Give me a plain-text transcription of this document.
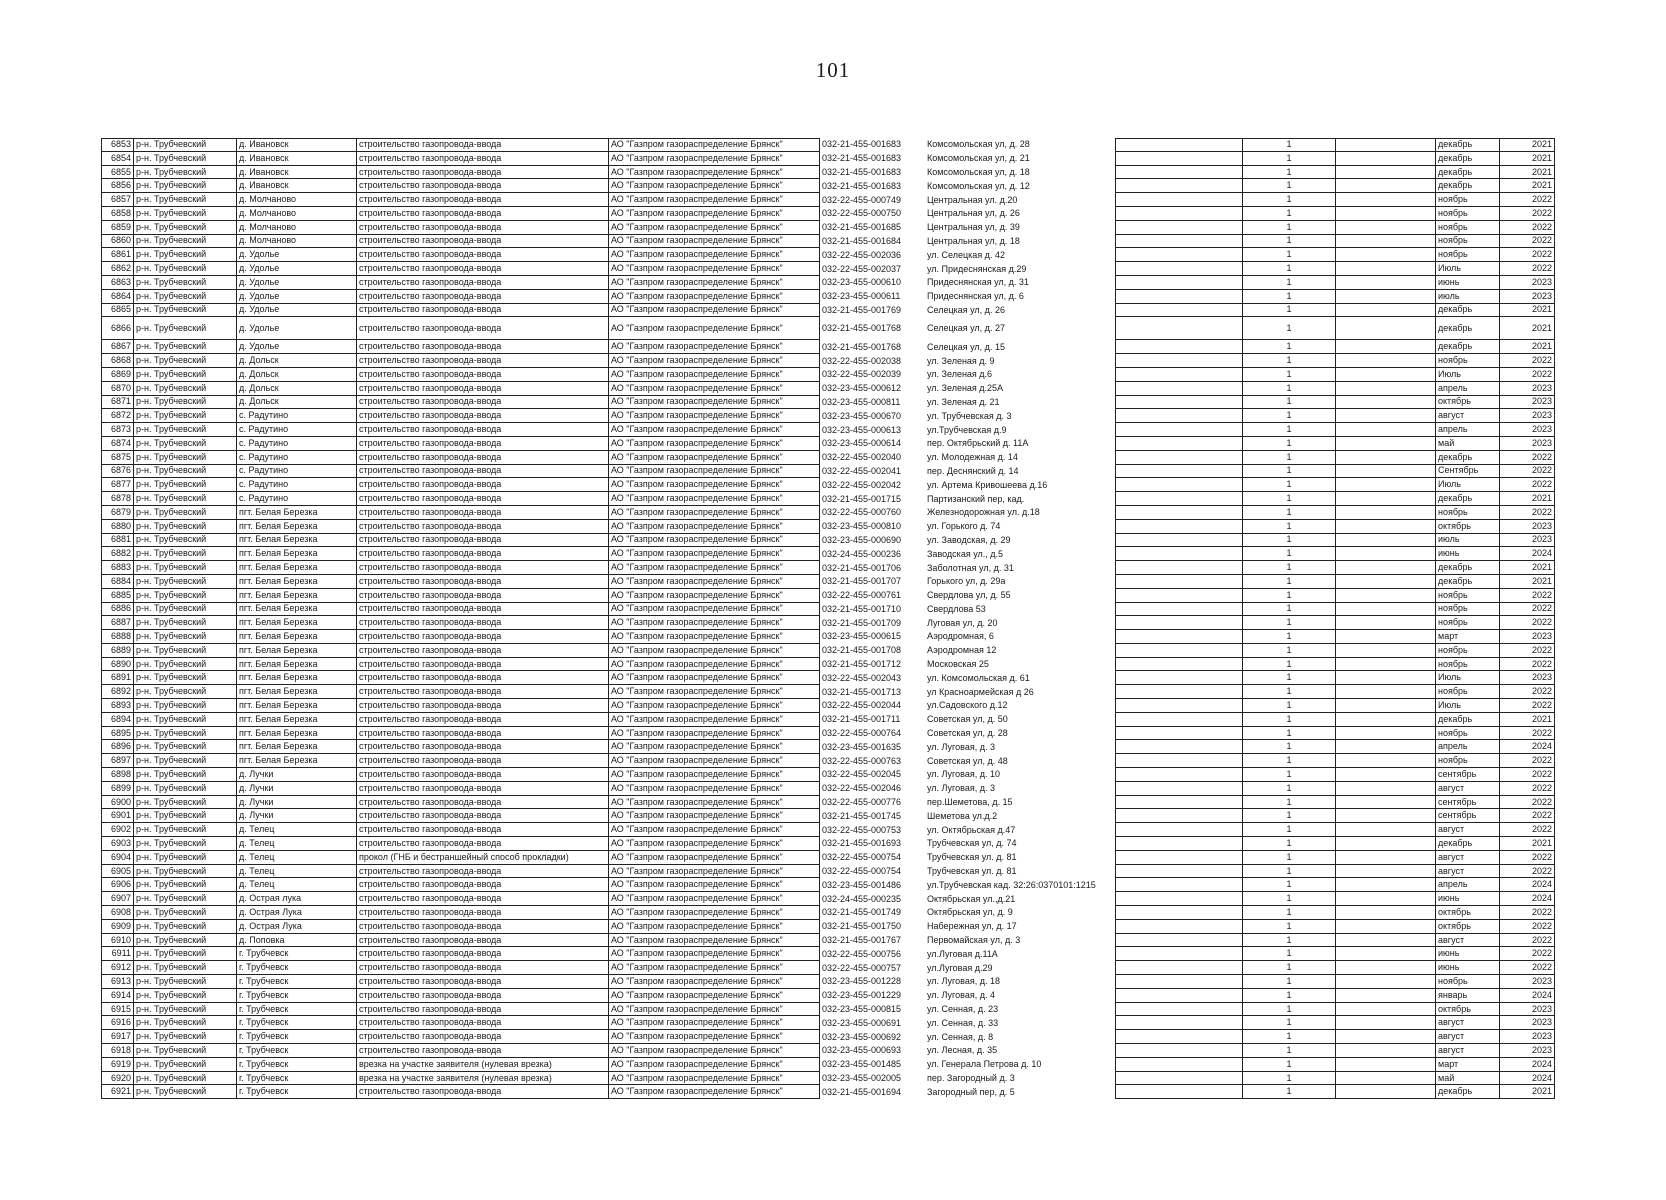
101
6853 р-н. Трубчевский	д. Ивановск	строительство газопровода-ввода	АО "Газпром газораспределение Брянск"	032-21-455-001683	Комсомольская ул, д. 28	1	декабрь	2021
6854 р-н. Трубчевский	д. Ивановск	строительство газопровода-ввода	АО "Газпром газораспределение Брянск"	032-21-455-001683	Комсомольская ул, д. 21	1	декабрь	2021
6855 р-н. Трубчевский	д. Ивановск	строительство газопровода-ввода	АО "Газпром газораспределение Брянск"	032-21-455-001683	Комсомольская ул, д. 18	1	декабрь	2021
6856 р-н. Трубчевский	д. Ивановск	строительство газопровода-ввода	АО "Газпром газораспределение Брянск"	032-21-455-001683	Комсомольская ул, д. 12	1	декабрь	2021
6857 р-н. Трубчевский	д. Молчаново	строительство газопровода-ввода	АО "Газпром газораспределение Брянск"	032-22-455-000749	Центральная ул. д.20	1	ноябрь	2022
6858 р-н. Трубчевский	д. Молчаново	строительство газопровода-ввода	АО "Газпром газораспределение Брянск"	032-22-455-000750	Центральная ул, д. 26	1	ноябрь	2022
6859 р-н. Трубчевский	д. Молчаново	строительство газопровода-ввода	АО "Газпром газораспределение Брянск"	032-21-455-001685	Центральная ул, д. 39	1	ноябрь	2022
6860 р-н. Трубчевский	д. Молчаново	строительство газопровода-ввода	АО "Газпром газораспределение Брянск"	032-21-455-001684	Центральная ул, д. 18	1	ноябрь	2022
6861 р-н. Трубчевский	д. Удолье	строительство газопровода-ввода	АО "Газпром газораспределение Брянск"	032-22-455-002036	ул. Селецкая д. 42	1	ноябрь	2022
6862 р-н. Трубчевский	д. Удолье	строительство газопровода-ввода	АО "Газпром газораспределение Брянск"	032-22-455-002037	ул. Придеснянская д.29	1	Июль	2022
6863 р-н. Трубчевский	д. Удолье	строительство газопровода-ввода	АО "Газпром газораспределение Брянск"	032-23-455-000610	Придеснянская ул, д. 31	1	июнь	2023
6864 р-н. Трубчевский	д. Удолье	строительство газопровода-ввода	АО "Газпром газораспределение Брянск"	032-23-455-000611	Придеснянская ул, д. 6	1	июль	2023
6865 р-н. Трубчевский	д. Удолье	строительство газопровода-ввода	АО "Газпром газораспределение Брянск"	032-21-455-001769	Селецкая ул, д. 26	1	декабрь	2021
6866 р-н. Трубчевский	д. Удолье	строительство газопровода-ввода	АО "Газпром газораспределение Брянск"	032-21-455-001768	Селецкая ул, д. 27	1	декабрь	2021
6867 р-н. Трубчевский	д. Удолье	строительство газопровода-ввода	АО "Газпром газораспределение Брянск"	032-21-455-001768	Селецкая ул, д. 15	1	декабрь	2021
6868 р-н. Трубчевский	д. Дольск	строительство газопровода-ввода	АО "Газпром газораспределение Брянск"	032-22-455-002038	ул. Зеленая д. 9	1	ноябрь	2022
6869 р-н. Трубчевский	д. Дольск	строительство газопровода-ввода	АО "Газпром газораспределение Брянск"	032-22-455-002039	ул. Зеленая д.6	1	Июль	2022
6870 р-н. Трубчевский	д. Дольск	строительство газопровода-ввода	АО "Газпром газораспределение Брянск"	032-23-455-000612	ул. Зеленая д.25А	1	апрель	2023
6871 р-н. Трубчевский	д. Дольск	строительство газопровода-ввода	АО "Газпром газораспределение Брянск"	032-23-455-000811	ул. Зеленая д. 21	1	октябрь	2023
6872 р-н. Трубчевский	с. Радутино	строительство газопровода-ввода	АО "Газпром газораспределение Брянск"	032-23-455-000670	ул. Трубчевская д. 3	1	август	2023
6873 р-н. Трубчевский	с. Радутино	строительство газопровода-ввода	АО "Газпром газораспределение Брянск"	032-23-455-000613	ул.Трубчевская д.9	1	апрель	2023
6874 р-н. Трубчевский	с. Радутино	строительство газопровода-ввода	АО "Газпром газораспределение Брянск"	032-23-455-000614	пер. Октябрьский д. 11А	1	май	2023
6875 р-н. Трубчевский	с. Радутино	строительство газопровода-ввода	АО "Газпром газораспределение Брянск"	032-22-455-002040	ул. Молодежная д. 14	1	декабрь	2022
6876 р-н. Трубчевский	с. Радутино	строительство газопровода-ввода	АО "Газпром газораспределение Брянск"	032-22-455-002041	пер. Деснянский д. 14	1	Сентябрь	2022
6877 р-н. Трубчевский	с. Радутино	строительство газопровода-ввода	АО "Газпром газораспределение Брянск"	032-22-455-002042	ул. Артема Кривошеева д.16	1	Июль	2022
6878 р-н. Трубчевский	с. Радутино	строительство газопровода-ввода	АО "Газпром газораспределение Брянск"	032-21-455-001715	Партизанский пер, кад.	1	декабрь	2021
6879 р-н. Трубчевский	пгт. Белая Березка	строительство газопровода-ввода	АО "Газпром газораспределение Брянск"	032-22-455-000760	Железнодорожная ул. д.18	1	ноябрь	2022
6880 р-н. Трубчевский	пгт. Белая Березка	строительство газопровода-ввода	АО "Газпром газораспределение Брянск"	032-23-455-000810	ул. Горького д. 74	1	октябрь	2023
6881 р-н. Трубчевский	пгт. Белая Березка	строительство газопровода-ввода	АО "Газпром газораспределение Брянск"	032-23-455-000690	ул. Заводская, д. 29	1	июль	2023
6882 р-н. Трубчевский	пгт. Белая Березка	строительство газопровода-ввода	АО "Газпром газораспределение Брянск"	032-24-455-000236	Заводская ул., д.5	1	июнь	2024
6883 р-н. Трубчевский	пгт. Белая Березка	строительство газопровода-ввода	АО "Газпром газораспределение Брянск"	032-21-455-001706	Заболотная ул, д. 31	1	декабрь	2021
6884 р-н. Трубчевский	пгт. Белая Березка	строительство газопровода-ввода	АО "Газпром газораспределение Брянск"	032-21-455-001707	Горького ул, д. 29а	1	декабрь	2021
6885 р-н. Трубчевский	пгт. Белая Березка	строительство газопровода-ввода	АО "Газпром газораспределение Брянск"	032-22-455-000761	Свердлова ул, д. 55	1	ноябрь	2022
6886 р-н. Трубчевский	пгт. Белая Березка	строительство газопровода-ввода	АО "Газпром газораспределение Брянск"	032-21-455-001710	Свердлова 53	1	ноябрь	2022
6887 р-н. Трубчевский	пгт. Белая Березка	строительство газопровода-ввода	АО "Газпром газораспределение Брянск"	032-21-455-001709	Луговая ул, д. 20	1	ноябрь	2022
6888 р-н. Трубчевский	пгт. Белая Березка	строительство газопровода-ввода	АО "Газпром газораспределение Брянск"	032-23-455-000615	Аэродромная, 6	1	март	2023
6889 р-н. Трубчевский	пгт. Белая Березка	строительство газопровода-ввода	АО "Газпром газораспределение Брянск"	032-21-455-001708	Аэродромная 12	1	ноябрь	2022
6890 р-н. Трубчевский	пгт. Белая Березка	строительство газопровода-ввода	АО "Газпром газораспределение Брянск"	032-21-455-001712	Московская 25	1	ноябрь	2022
6891 р-н. Трубчевский	пгт. Белая Березка	строительство газопровода-ввода	АО "Газпром газораспределение Брянск"	032-22-455-002043	ул. Комсомольская д. 61	1	Июль	2023
6892 р-н. Трубчевский	пгт. Белая Березка	строительство газопровода-ввода	АО "Газпром газораспределение Брянск"	032-21-455-001713	ул Красноармейская д 26	1	ноябрь	2022
6893 р-н. Трубчевский	пгт. Белая Березка	строительство газопровода-ввода	АО "Газпром газораспределение Брянск"	032-22-455-002044	ул.Садовского д.12	1	Июль	2022
6894 р-н. Трубчевский	пгт. Белая Березка	строительство газопровода-ввода	АО "Газпром газораспределение Брянск"	032-21-455-001711	Советская ул, д. 50	1	декабрь	2021
6895 р-н. Трубчевский	пгт. Белая Березка	строительство газопровода-ввода	АО "Газпром газораспределение Брянск"	032-22-455-000764	Советская ул, д. 28	1	ноябрь	2022
6896 р-н. Трубчевский	пгт. Белая Березка	строительство газопровода-ввода	АО "Газпром газораспределение Брянск"	032-23-455-001635	ул. Луговая, д. 3	1	апрель	2024
6897 р-н. Трубчевский	пгт. Белая Березка	строительство газопровода-ввода	АО "Газпром газораспределение Брянск"	032-22-455-000763	Советская ул, д. 48	1	ноябрь	2022
6898 р-н. Трубчевский	д. Лучки	строительство газопровода-ввода	АО "Газпром газораспределение Брянск"	032-22-455-002045	ул. Луговая, д. 10	1	сентябрь	2022
6899 р-н. Трубчевский	д. Лучки	строительство газопровода-ввода	АО "Газпром газораспределение Брянск"	032-22-455-002046	ул. Луговая, д. 3	1	август	2022
6900 р-н. Трубчевский	д. Лучки	строительство газопровода-ввода	АО "Газпром газораспределение Брянск"	032-22-455-000776	пер.Шеметова, д. 15	1	сентябрь	2022
6901 р-н. Трубчевский	д. Лучки	строительство газопровода-ввода	АО "Газпром газораспределение Брянск"	032-21-455-001745	Шеметова ул.д.2	1	сентябрь	2022
6902 р-н. Трубчевский	д. Телец	строительство газопровода-ввода	АО "Газпром газораспределение Брянск"	032-22-455-000753	ул. Октябрьская д.47	1	август	2022
6903 р-н. Трубчевский	д. Телец	строительство газопровода-ввода	АО "Газпром газораспределение Брянск"	032-21-455-001693	Трубчевская ул, д. 74	1	декабрь	2021
6904 р-н. Трубчевский	д. Телец	прокол (ГНБ и бестраншейный способ прокладки)	АО "Газпром газораспределение Брянск"	032-22-455-000754	Трубчевская ул. д. 81	1	август	2022
6905 р-н. Трубчевский	д. Телец	строительство газопровода-ввода	АО "Газпром газораспределение Брянск"	032-22-455-000754	Трубчевская ул. д. 81	1	август	2022
6906 р-н. Трубчевский	д. Телец	строительство газопровода-ввода	АО "Газпром газораспределение Брянск"	032-23-455-001486	ул.Трубчевская кад. 32:26:0370101:1215	1	апрель	2024
6907 р-н. Трубчевский	д. Острая лука	строительство газопровода-ввода	АО "Газпром газораспределение Брянск"	032-24-455-000235	Октябрьская ул.,д.21	1	июнь	2024
6908 р-н. Трубчевский	д. Острая Лука	строительство газопровода-ввода	АО "Газпром газораспределение Брянск"	032-21-455-001749	Октябрьская ул, д. 9	1	октябрь	2022
6909 р-н. Трубчевский	д. Острая Лука	строительство газопровода-ввода	АО "Газпром газораспределение Брянск"	032-21-455-001750	Набережная ул, д. 17	1	октябрь	2022
6910 р-н. Трубчевский	д. Поповка	строительство газопровода-ввода	АО "Газпром газораспределение Брянск"	032-21-455-001767	Первомайская ул, д. 3	1	август	2022
6911 р-н. Трубчевский	г. Трубчевск	строительство газопровода-ввода	АО "Газпром газораспределение Брянск"	032-22-455-000756	ул.Луговая д.11А	1	июнь	2022
6912 р-н. Трубчевский	г. Трубчевск	строительство газопровода-ввода	АО "Газпром газораспределение Брянск"	032-22-455-000757	ул.Луговая д.29	1	июнь	2022
6913 р-н. Трубчевский	г. Трубчевск	строительство газопровода-ввода	АО "Газпром газораспределение Брянск"	032-23-455-001228	ул. Луговая, д. 18	1	ноябрь	2023
6914 р-н. Трубчевский	г. Трубчевск	строительство газопровода-ввода	АО "Газпром газораспределение Брянск"	032-23-455-001229	ул. Луговая, д. 4	1	январь	2024
6915 р-н. Трубчевский	г. Трубчевск	строительство газопровода-ввода	АО "Газпром газораспределение Брянск"	032-23-455-000815	ул. Сенная, д. 23	1	октябрь	2023
6916 р-н. Трубчевский	г. Трубчевск	строительство газопровода-ввода	АО "Газпром газораспределение Брянск"	032-23-455-000691	ул. Сенная, д. 33	1	август	2023
6917 р-н. Трубчевский	г. Трубчевск	строительство газопровода-ввода	АО "Газпром газораспределение Брянск"	032-23-455-000692	ул. Сенная, д. 8	1	август	2023
6918 р-н. Трубчевский	г. Трубчевск	строительство газопровода-ввода	АО "Газпром газораспределение Брянск"	032-23-455-000693	ул. Лесная, д. 35	1	август	2023
6919 р-н. Трубчевский	г. Трубчевск	врезка на участке заявителя (нулевая врезка)	АО "Газпром газораспределение Брянск"	032-23-455-001485	ул. Генерала Петрова д. 10	1	март	2024
6920 р-н. Трубчевский	г. Трубчевск	врезка на участке заявителя (нулевая врезка)	АО "Газпром газораспределение Брянск"	032-23-455-002005	пер. Загородный д. 3	1	май	2024
6921 р-н. Трубчевский	г. Трубчевск	строительство газопровода-ввода	АО "Газпром газораспределение Брянск"	032-21-455-001694	Загородный пер, д. 5	1	декабрь	2021
